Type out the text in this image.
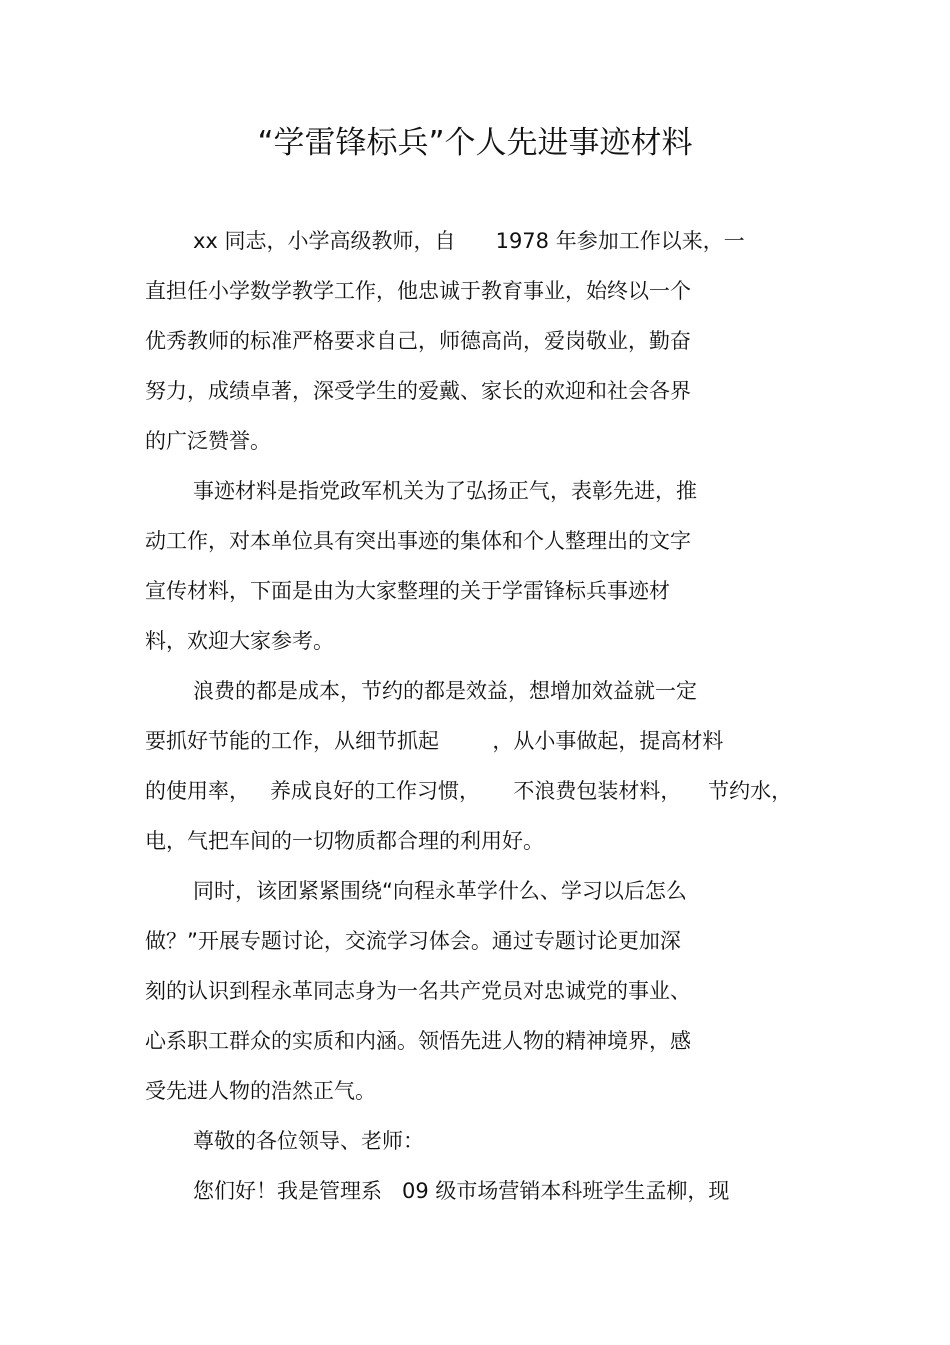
“学雷锋标兵”个人先进事迹材料

xx 同志，小学高级教师，自      1978 年参加工作以来，一

直担任小学数学教学工作，他忠诚于教育事业，始终以一个

优秀教师的标准严格要求自己，师德高尚，爱岗敬业，勤奋

努力，成绩卓著，深受学生的爱戴、家长的欢迎和社会各界

的广泛赞誉。

事迹材料是指党政军机关为了弘扬正气，表彰先进，推

动工作，对本单位具有突出事迹的集体和个人整理出的文字

宣传材料，下面是由为大家整理的关于学雷锋标兵事迹材

料，欢迎大家参考。

浪费的都是成本，节约的都是效益，想增加效益就一定

要抓好节能的工作，从细节抓起        ，从小事做起，提高材料

的使用率，   养成良好的工作习惯，     不浪费包装材料，    节约水，

电，气把车间的一切物质都合理的利用好。

同时，该团紧紧围绕“向程永革学什么、学习以后怎么

做？”开展专题讨论，交流学习体会。通过专题讨论更加深

刻的认识到程永革同志身为一名共产党员对忠诚党的事业、

心系职工群众的实质和内涵。领悟先进人物的精神境界，感

受先进人物的浩然正气。

尊敬的各位领导、老师：

您们好！我是管理系   09 级市场营销本科班学生孟柳，现
